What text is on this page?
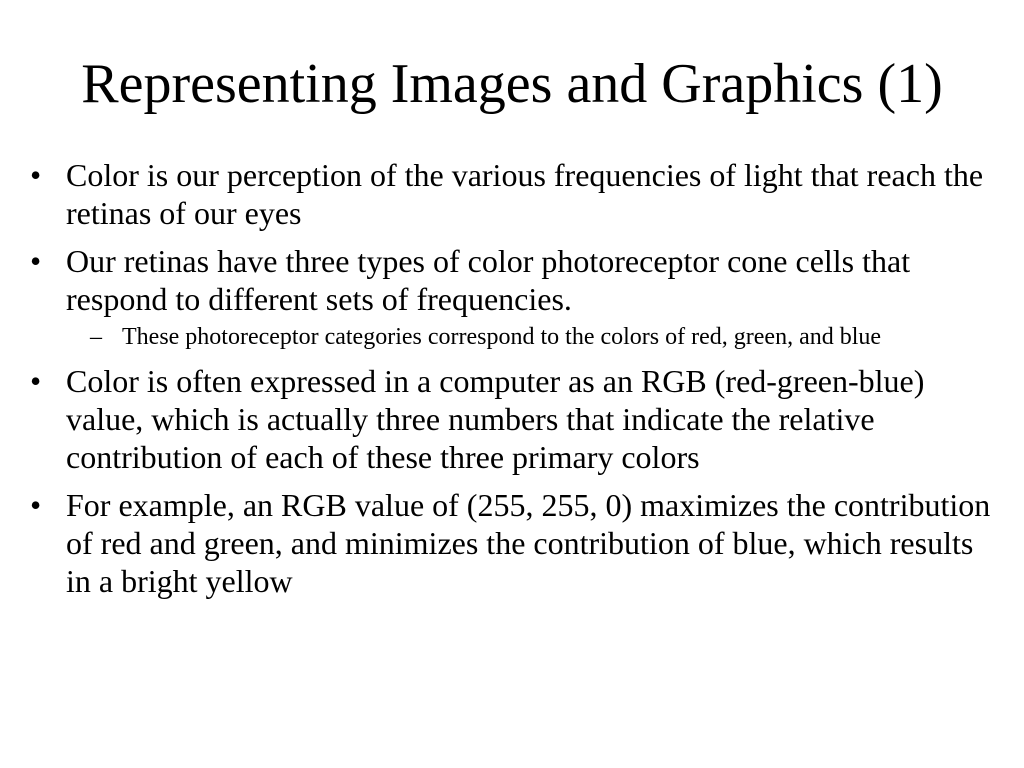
Representing Images and Graphics (1)
• Color is our perception of the various frequencies of light that reach the retinas of our eyes
• Our retinas have three types of color photoreceptor cone cells that respond to different sets of frequencies.
– These photoreceptor categories correspond to the colors of red, green, and blue
• Color is often expressed in a computer as an RGB (red-green-blue) value, which is actually three numbers that indicate the relative contribution of each of these three primary colors
• For example, an RGB value of (255, 255, 0) maximizes the contribution of red and green, and minimizes the contribution of blue, which results in a bright yellow
